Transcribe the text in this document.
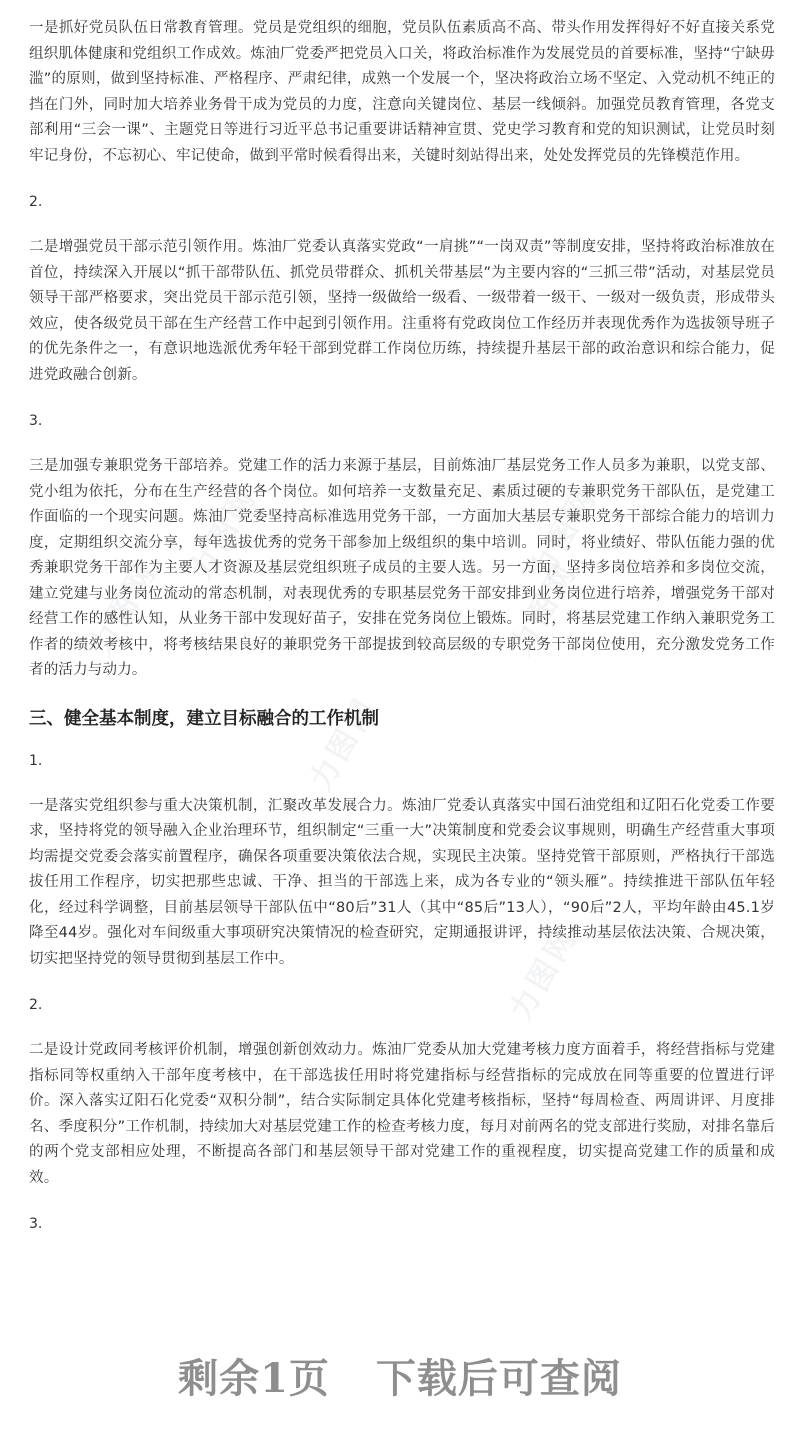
力图网	力图网
力图网	力图网
力图网
力图网

一是抓好党员队伍日常教育管理。党员是党组织的细胞，党员队伍素质高不高、带头作用发挥得好不好直接关系党组织肌体健康和党组织工作成效。炼油厂党委严把党员入口关，将政治标准作为发展党员的首要标准，坚持“宁缺毋滥”的原则，做到坚持标准、严格程序、严肃纪律，成熟一个发展一个，坚决将政治立场不坚定、入党动机不纯正的挡在门外，同时加大培养业务骨干成为党员的力度，注意向关键岗位、基层一线倾斜。加强党员教育管理，各党支部利用“三会一课”、主题党日等进行习近平总书记重要讲话精神宣贯、党史学习教育和党的知识测试，让党员时刻牢记身份，不忘初心、牢记使命，做到平常时候看得出来，关键时刻站得出来，处处发挥党员的先锋模范作用。

2.

二是增强党员干部示范引领作用。炼油厂党委认真落实党政“一肩挑”“一岗双责”等制度安排，坚持将政治标准放在首位，持续深入开展以“抓干部带队伍、抓党员带群众、抓机关带基层”为主要内容的“三抓三带”活动，对基层党员领导干部严格要求，突出党员干部示范引领，坚持一级做给一级看、一级带着一级干、一级对一级负责，形成带头效应，使各级党员干部在生产经营工作中起到引领作用。注重将有党政岗位工作经历并表现优秀作为选拔领导班子的优先条件之一，有意识地选派优秀年轻干部到党群工作岗位历练，持续提升基层干部的政治意识和综合能力，促进党政融合创新。

3.

三是加强专兼职党务干部培养。党建工作的活力来源于基层，目前炼油厂基层党务工作人员多为兼职，以党支部、党小组为依托，分布在生产经营的各个岗位。如何培养一支数量充足、素质过硬的专兼职党务干部队伍，是党建工作面临的一个现实问题。炼油厂党委坚持高标准选用党务干部，一方面加大基层专兼职党务干部综合能力的培训力度，定期组织交流分享，每年选拔优秀的党务干部参加上级组织的集中培训。同时，将业绩好、带队伍能力强的优秀兼职党务干部作为主要人才资源及基层党组织班子成员的主要人选。另一方面，坚持多岗位培养和多岗位交流，建立党建与业务岗位流动的常态机制，对表现优秀的专职基层党务干部安排到业务岗位进行培养，增强党务干部对经营工作的感性认知，从业务干部中发现好苗子，安排在党务岗位上锻炼。同时，将基层党建工作纳入兼职党务工作者的绩效考核中，将考核结果良好的兼职党务干部提拔到较高层级的专职党务干部岗位使用，充分激发党务工作者的活力与动力。

三、健全基本制度，建立目标融合的工作机制

1.

一是落实党组织参与重大决策机制，汇聚改革发展合力。炼油厂党委认真落实中国石油党组和辽阳石化党委工作要求，坚持将党的领导融入企业治理环节，组织制定“三重一大”决策制度和党委会议事规则，明确生产经营重大事项均需提交党委会落实前置程序，确保各项重要决策依法合规，实现民主决策。坚持党管干部原则，严格执行干部选拔任用工作程序，切实把那些忠诚、干净、担当的干部选上来，成为各专业的“领头雁”。持续推进干部队伍年轻化，经过科学调整，目前基层领导干部队伍中“80后”31人（其中“85后”13人），“90后”2人，平均年龄由45.1岁降至44岁。强化对车间级重大事项研究决策情况的检查研究，定期通报讲评，持续推动基层依法决策、合规决策，切实把坚持党的领导贯彻到基层工作中。

2.

二是设计党政同考核评价机制，增强创新创效动力。炼油厂党委从加大党建考核力度方面着手，将经营指标与党建指标同等权重纳入干部年度考核中，在干部选拔任用时将党建指标与经营指标的完成放在同等重要的位置进行评价。深入落实辽阳石化党委“双积分制”，结合实际制定具体化党建考核指标，坚持“每周检查、两周讲评、月度排名、季度积分”工作机制，持续加大对基层党建工作的检查考核力度，每月对前两名的党支部进行奖励，对排名靠后的两个党支部相应处理，不断提高各部门和基层领导干部对党建工作的重视程度，切实提高党建工作的质量和成效。

3.

剩余1页 下载后可查阅
